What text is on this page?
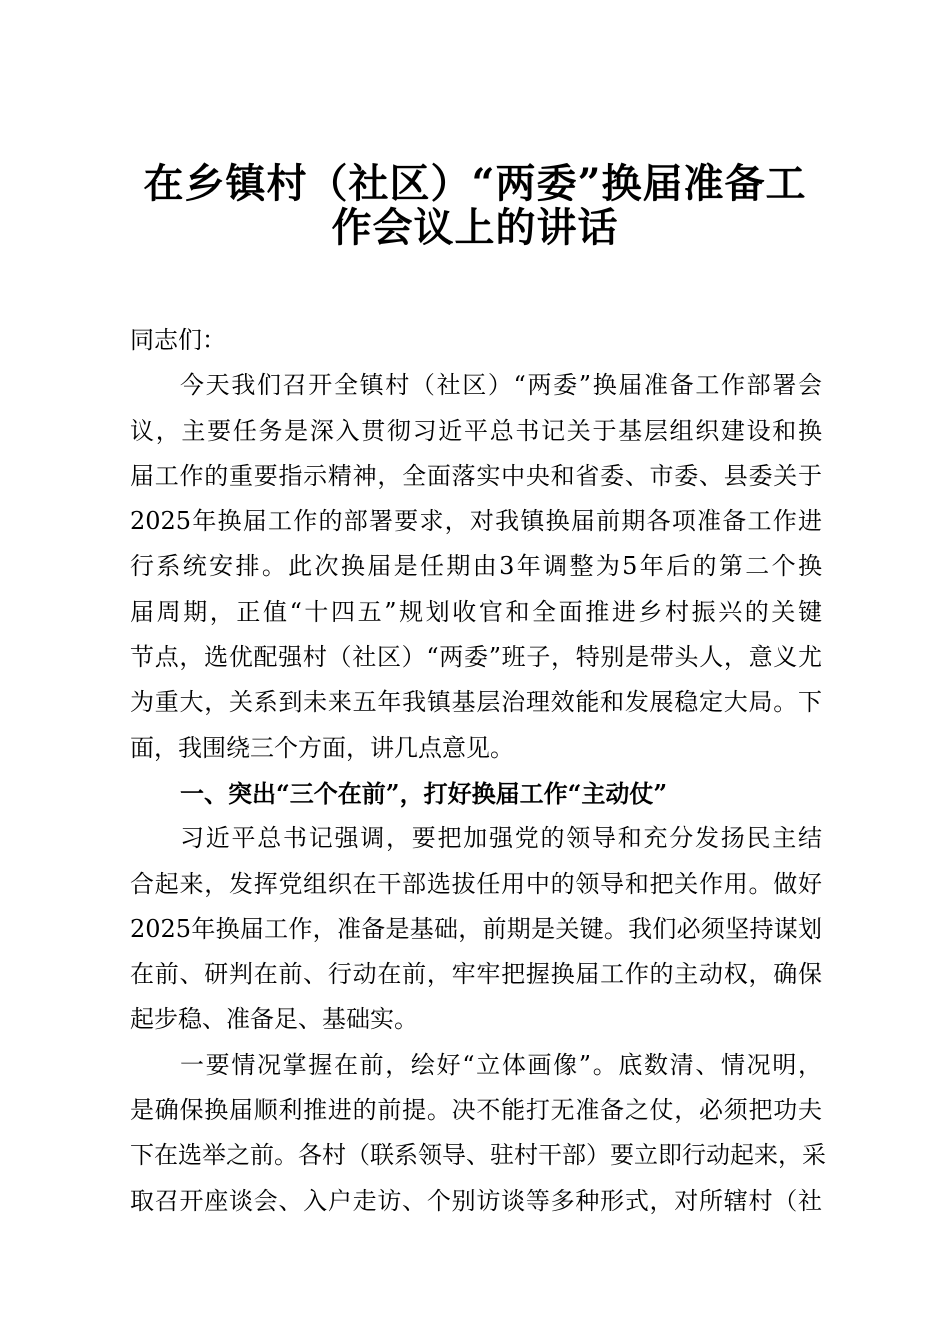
在乡镇村（社区）“两委”换届准备工
作会议上的讲话
同志们：
今天我们召开全镇村（社区）“两委”换届准备工作部署会
议，主要任务是深入贯彻习近平总书记关于基层组织建设和换
届工作的重要指示精神，全面落实中央和省委、市委、县委关于
2025年换届工作的部署要求，对我镇换届前期各项准备工作进
行系统安排。此次换届是任期由3年调整为5年后的第二个换
届周期，正值“十四五”规划收官和全面推进乡村振兴的关键
节点，选优配强村（社区）“两委”班子，特别是带头人，意义尤
为重大，关系到未来五年我镇基层治理效能和发展稳定大局。下
面，我围绕三个方面，讲几点意见。
一、突出“三个在前”，打好换届工作“主动仗”
习近平总书记强调，要把加强党的领导和充分发扬民主结
合起来，发挥党组织在干部选拔任用中的领导和把关作用。做好
2025年换届工作，准备是基础，前期是关键。我们必须坚持谋划
在前、研判在前、行动在前，牢牢把握换届工作的主动权，确保
起步稳、准备足、基础实。
一要情况掌握在前，绘好“立体画像”。底数清、情况明，
是确保换届顺利推进的前提。决不能打无准备之仗，必须把功夫
下在选举之前。各村（联系领导、驻村干部）要立即行动起来，采
取召开座谈会、入户走访、个别访谈等多种形式，对所辖村（社
